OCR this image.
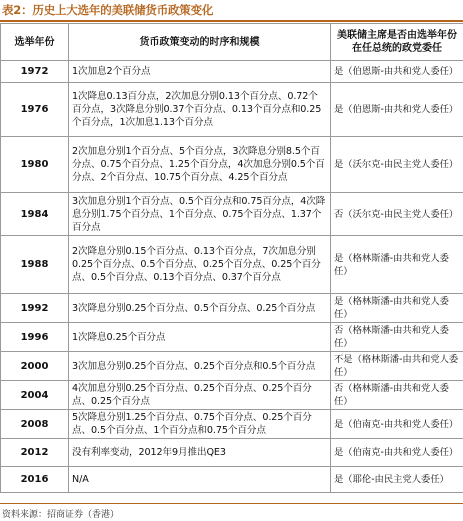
表2：历史上大选年的美联储货币政策变化
选举年份	货币政策变动的时序和规模	美联储主席是否由选举年份在任总统的政党委任
1972	1次加息2个百分点	是（伯恩斯-由共和党人委任）
1976	1次降息0.13百分点，2次加息分别0.13个百分点、0.72个百分点，3次降息分别0.37个百分点、0.13个百分点和0.25个百分点，1次加息1.13个百分点	是（伯恩斯-由共和党人委任）
1980	2次加息分别1个百分点、5个百分点，3次降息分别8.5个百分点、0.75个百分点、1.25个百分点，4次加息分别0.5个百分点、2个百分点、10.75个百分点、4.25个百分点	是（沃尔克-由民主党人委任）
1984	3次加息分别1个百分点、0.5个百分点和0.75百分点，4次降息分别1.75个百分点、1个百分点、0.75个百分点、1.37个百分点	否（沃尔克-由民主党人委任）
1988	2次降息分别0.15个百分点、0.13个百分点，7次加息分别0.25个百分点、0.5个百分点、0.25个百分点、0.25个百分点、0.5个百分点、0.13个百分点、0.37个百分点	是（格林斯潘-由共和党人委任）
1992	3次降息分别0.25个百分点、0.5个百分点、0.25个百分点	是（格林斯潘-由共和党人委任）
1996	1次降息0.25个百分点	否（格林斯潘-由共和党人委任）
2000	3次加息分别0.25个百分点、0.25个百分点和0.5个百分点	不是（格林斯潘-由共和党人委任）
2004	4次加息分别0.25个百分点、0.25个百分点、0.25个百分点、0.25个百分点	否（格林斯潘-由共和党人委任）
2008	5次降息分别1.25个百分点、0.75个百分点、0.25个百分点、0.5个百分点、1个百分点和0.75个百分点	是（伯南克-由共和党人委任）
2012	没有利率变动，2012年9月推出QE3	是（伯南克-由共和党人委任）
2016	N/A	是（耶伦-由民主党人委任）
资料来源：招商证券（香港）
